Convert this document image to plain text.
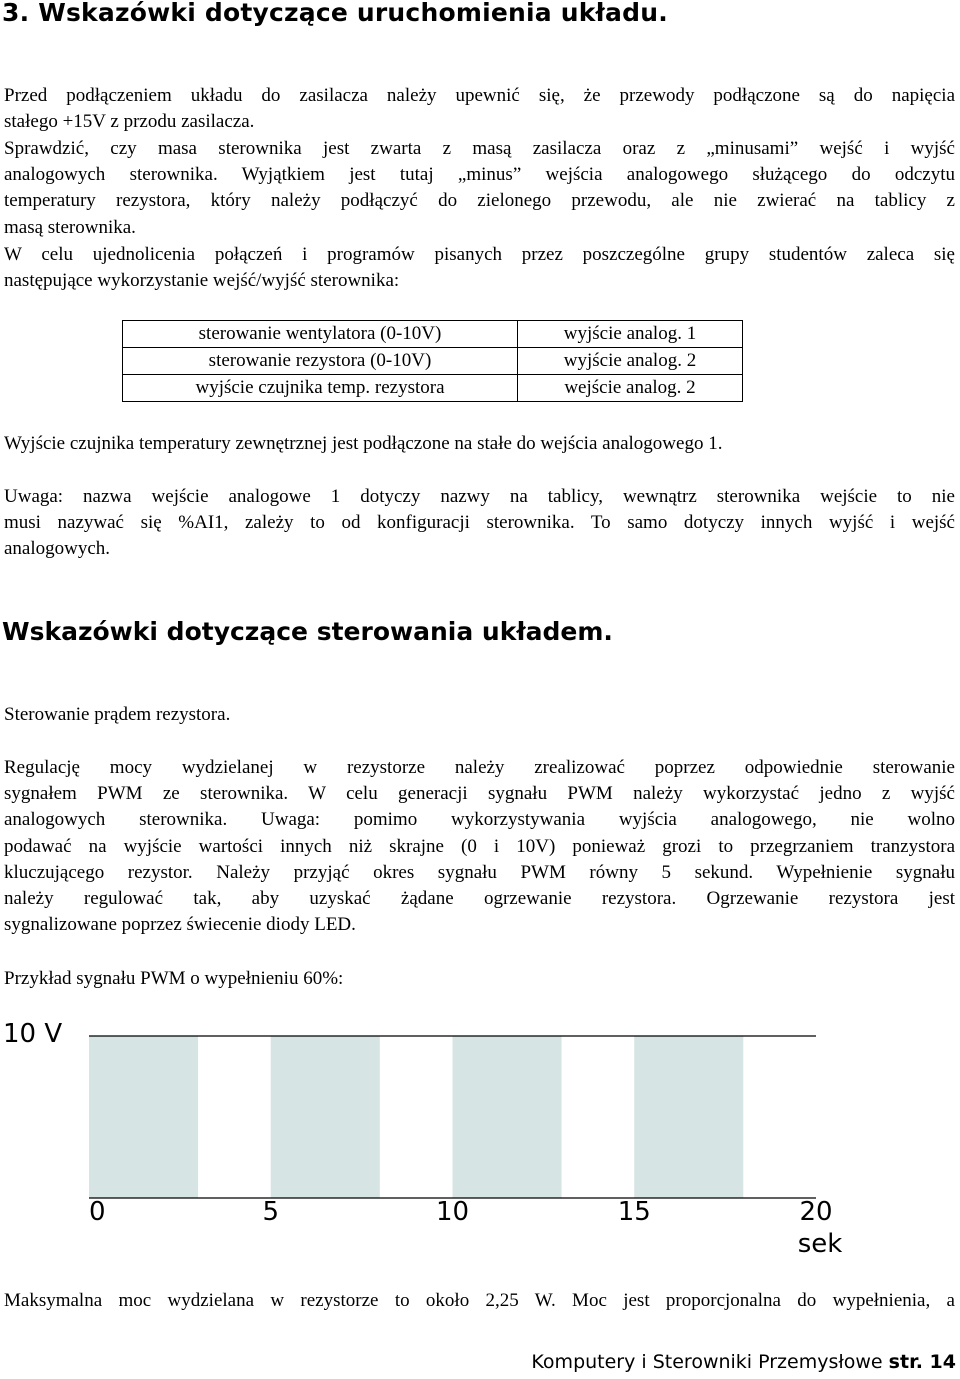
3. Wskazówki dotyczące uruchomienia układu.

Przed podłączeniem układu do zasilacza należy upewnić się, że przewody podłączone są do napięcia
stałego +15V z przodu zasilacza.

Sprawdzić, czy masa sterownika jest zwarta z masą zasilacza oraz z „minusami” wejść i wyjść
analogowych sterownika. Wyjątkiem jest tutaj „minus” wejścia analogowego służącego do odczytu
temperatury rezystora, który należy podłączyć do zielonego przewodu, ale nie zwierać na tablicy z
masą sterownika.

W celu ujednolicenia połączeń i programów pisanych przez poszczególne grupy studentów zaleca się
następujące wykorzystanie wejść/wyjść sterownika:

sterowanie wentylatora (0-10V)	wyjście analog. 1
sterowanie rezystora (0-10V)	wyjście analog. 2
wyjście czujnika temp. rezystora	wejście analog. 2

Wyjście czujnika temperatury zewnętrznej jest podłączone na stałe do wejścia analogowego 1.

Uwaga: nazwa wejście analogowe 1 dotyczy nazwy na tablicy, wewnątrz sterownika wejście to nie
musi nazywać się %AI1, zależy to od konfiguracji sterownika. To samo dotyczy innych wyjść i wejść
analogowych.

Wskazówki dotyczące sterowania układem.

Sterowanie prądem rezystora.

Regulację mocy wydzielanej w rezystorze należy zrealizować poprzez odpowiednie sterowanie
sygnałem PWM ze sterownika. W celu generacji sygnału PWM należy wykorzystać jedno z wyjść
analogowych sterownika. Uwaga: pomimo wykorzystywania wyjścia analogowego, nie wolno
podawać na wyjście wartości innych niż skrajne (0 i 10V) ponieważ grozi to przegrzaniem tranzystora
kluczującego rezystor. Należy przyjąć okres sygnału PWM równy 5 sekund. Wypełnienie sygnału
należy regulować tak, aby uzyskać żądane ogrzewanie rezystora. Ogrzewanie rezystora jest
sygnalizowane poprzez świecenie diody LED.

Przykład sygnału PWM o wypełnieniu 60%:

10 V
0	5	10	15	20
sek

Maksymalna moc wydzielana w rezystorze to około 2,25 W. Moc jest proporcjonalna do wypełnienia, a

Komputery i Sterowniki Przemysłowe str. 14
